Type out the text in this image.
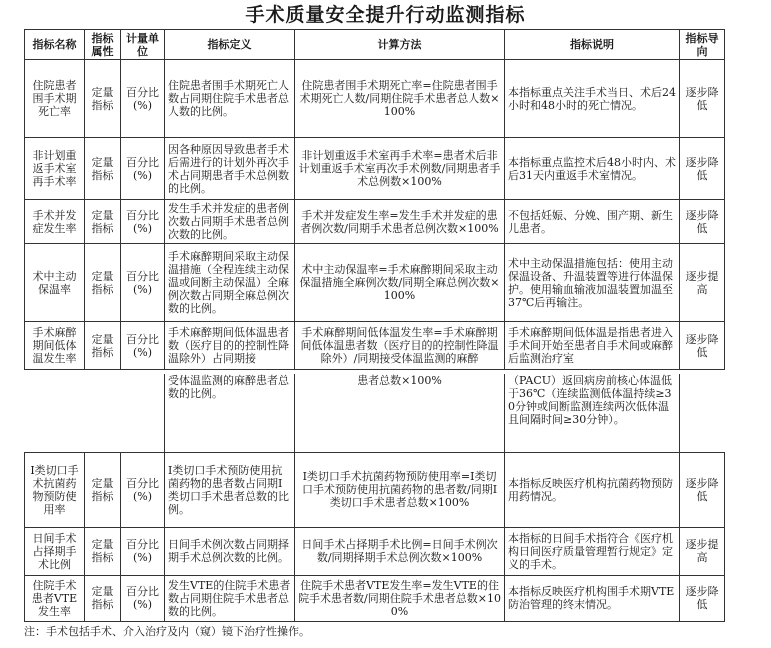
手术质量安全提升行动监测指标
指标名称	指标属性	计量单位	指标定义	计算方法	指标说明	指标导向
住院患者围手术期死亡率	定量指标	百分比(%)	住院患者围手术期死亡人数占同期住院手术患者总人数的比例。	住院患者围手术期死亡率=住院患者围手术期死亡人数/同期住院手术患者总人数×100%	本指标重点关注手术当日、术后24小时和48小时的死亡情况。	逐步降低
非计划重返手术室再手术率	定量指标	百分比(%)	因各种原因导致患者手术后需进行的计划外再次手术占同期患者手术总例数的比例。	非计划重返手术室再手术率=患者术后非计划重返手术室再次手术例数/同期患者手术总例数×100%	本指标重点监控术后48小时内、术后31天内重返手术室情况。	逐步降低
手术并发症发生率	定量指标	百分比(%)	发生手术并发症的患者例次数占同期手术患者总例次数的比例。	手术并发症发生率=发生手术并发症的患者例次数/同期手术患者总例次数×100%	不包括妊娠、分娩、围产期、新生儿患者。	逐步降低
术中主动保温率	定量指标	百分比(%)	手术麻醉期间采取主动保温措施（全程连续主动保温或间断主动保温）全麻例次数占同期全麻总例次数的比例。	术中主动保温率=手术麻醉期间采取主动保温措施全麻例次数/同期全麻总例次数×100%	术中主动保温措施包括：使用主动保温设备、升温装置等进行体温保护。使用输血输液加温装置加温至37℃后再输注。	逐步提高
手术麻醉期间低体温发生率	定量指标	百分比(%)	手术麻醉期间低体温患者数（医疗目的的控制性降温除外）占同期接	手术麻醉期间低体温发生率=手术麻醉期间低体温患者数（医疗目的的控制性降温除外）/同期接受体温监测的麻醉	手术麻醉期间低体温是指患者进入手术间开始至患者自手术间或麻醉后监测治疗室	逐步降低
			受体温监测的麻醉患者总数的比例。	患者总数×100%	（PACU）返回病房前核心体温低于36℃（连续监测低体温持续≥30分钟或间断监测连续两次低体温且间隔时间≥30分钟）。	
I类切口手术抗菌药物预防使用率	定量指标	百分比(%)	I类切口手术预防使用抗菌药物的患者数占同期I类切口手术患者总数的比例。	I类切口手术抗菌药物预防使用率=I类切口手术预防使用抗菌药物的患者数/同期I类切口手术患者总数×100%	本指标反映医疗机构抗菌药物预防用药情况。	逐步降低
日间手术占择期手术比例	定量指标	百分比(%)	日间手术例次数占同期择期手术总例次数的比例。	日间手术占择期手术比例=日间手术例次数/同期择期手术总例次数×100%	本指标的日间手术指符合《医疗机构日间医疗质量管理暂行规定》定义的手术。	逐步提高
住院手术患者VTE发生率	定量指标	百分比(%)	发生VTE的住院手术患者数占同期住院手术患者总数的比例。	住院手术患者VTE发生率=发生VTE的住院手术患者数/同期住院手术患者总数×100%	本指标反映医疗机构围手术期VTE防治管理的终末情况。	逐步降低
注：手术包括手术、介入治疗及内（窥）镜下治疗性操作。
